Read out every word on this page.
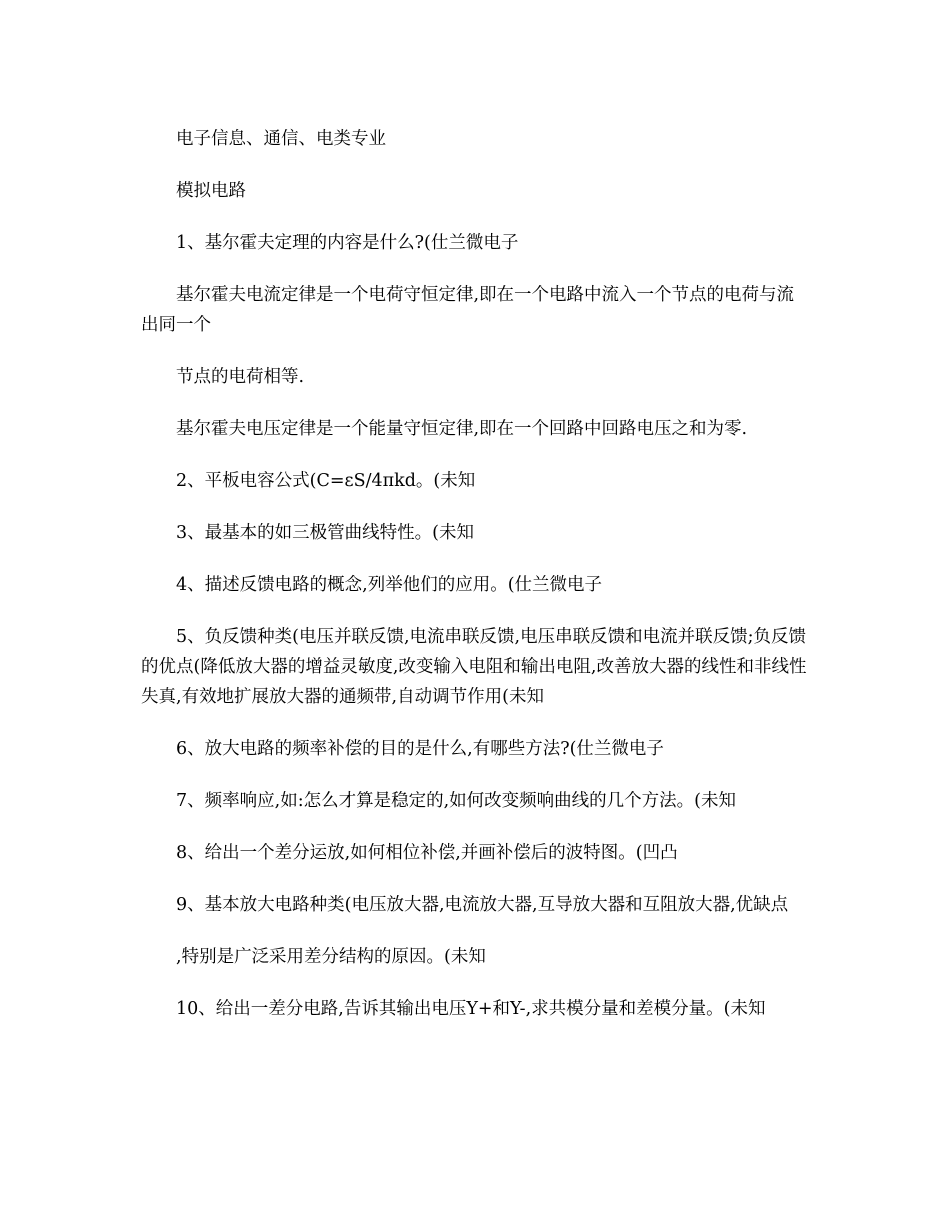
电子信息、通信、电类专业

模拟电路

1、基尔霍夫定理的内容是什么?(仕兰微电子

基尔霍夫电流定律是一个电荷守恒定律,即在一个电路中流入一个节点的电荷与流出同一个

节点的电荷相等.

基尔霍夫电压定律是一个能量守恒定律,即在一个回路中回路电压之和为零.

2、平板电容公式(C=εS/4πkd。(未知

3、最基本的如三极管曲线特性。(未知

4、描述反馈电路的概念,列举他们的应用。(仕兰微电子

5、负反馈种类(电压并联反馈,电流串联反馈,电压串联反馈和电流并联反馈;负反馈的优点(降低放大器的增益灵敏度,改变输入电阻和输出电阻,改善放大器的线性和非线性失真,有效地扩展放大器的通频带,自动调节作用(未知

6、放大电路的频率补偿的目的是什么,有哪些方法?(仕兰微电子

7、频率响应,如:怎么才算是稳定的,如何改变频响曲线的几个方法。(未知

8、给出一个差分运放,如何相位补偿,并画补偿后的波特图。(凹凸

9、基本放大电路种类(电压放大器,电流放大器,互导放大器和互阻放大器,优缺点

,特别是广泛采用差分结构的原因。(未知

10、给出一差分电路,告诉其输出电压Y+和Y-,求共模分量和差模分量。(未知
